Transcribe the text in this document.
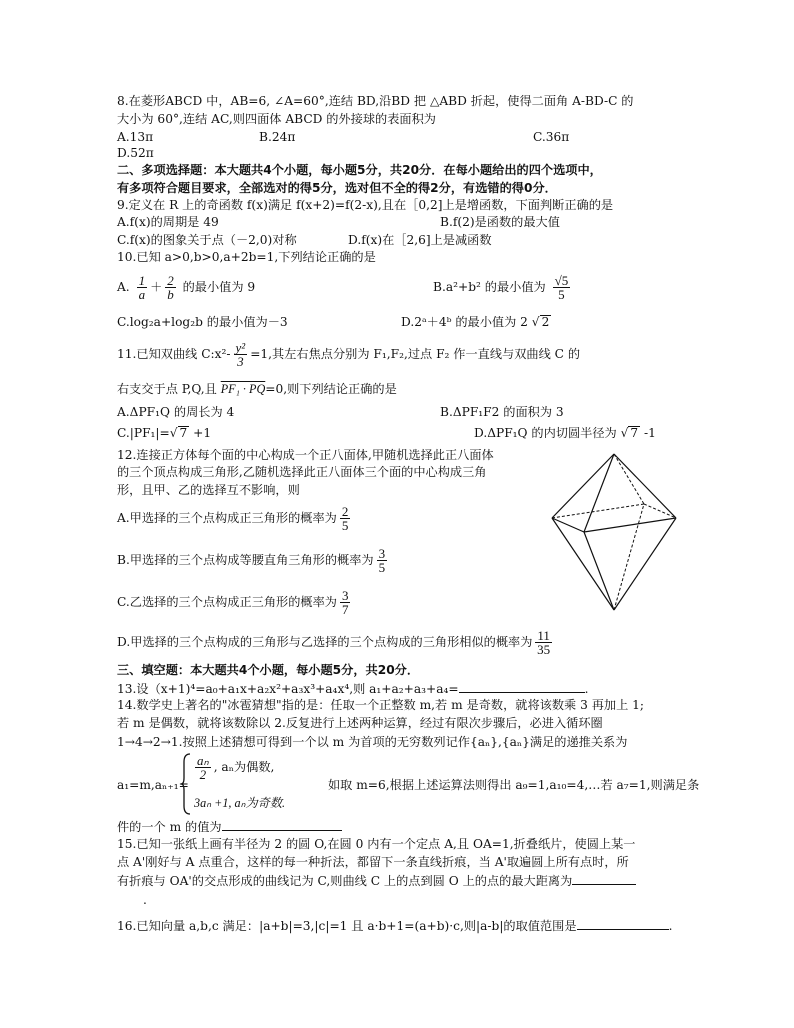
8.在菱形ABCD 中，AB=6, ∠A=60°,连结 BD,沿BD 把 △ABD 折起，使得二面角 A-BD-C 的
大小为 60°,连结 AC,则四面体 ABCD 的外接球的表面积为
A.13π	B.24π	C.36π
D.52π
二、多项选择题：本大题共4个小题，每小题5分，共20分．在每小题给出的四个选项中，
有多项符合题目要求，全部选对的得5分，选对但不全的得2分，有选错的得0分．
9.定义在 R 上的奇函数 f(x)满足 f(x+2)=f(2-x),且在［0,2]上是增函数，下面判断正确的是
A.f(x)的周期是 49	B.f(2)是函数的最大值
C.f(x)的图象关于点（－2,0)对称	D.f(x)在［2,6]上是减函数
10.已知 a>0,b>0,a+2b=1,下列结论正确的是
A. $\frac{1}{a} + \frac{2}{b}$ 的最小值为 9	B.a²+b² 的最小值为 $\frac{√5}{5}$
C.log₂a+log₂b 的最小值为－3	D.2ᵃ＋4ᵇ 的最小值为 2 √ 2
11.已知双曲线 C:x²- $\frac{\text{y²}}{3} =1$,其左右焦点分别为 F₁,F₂,过点 F₂ 作一直线与双曲线 C 的
右支交于点 P,Q,且 PF₁ · PQ=0,则下列结论正确的是
A.ΔPF₁Q 的周长为 4	B.ΔPF₁F2 的面积为 3
C.|PF₁|=√ 7 +1	D.ΔPF₁Q 的内切圆半径为 √ 7 -1
12.连接正方体每个面的中心构成一个正八面体,甲随机选择此正八面体
的三个顶点构成三角形,乙随机选择此正八面体三个面的中心构成三角
形，且甲、乙的选择互不影响，则
A.甲选择的三个点构成正三角形的概率为 $\frac{2}{5}$
B.甲选择的三个点构成等腰直角三角形的概率为 $\frac{3}{5}$
C.乙选择的三个点构成正三角形的概率为 $\frac{3}{7}$
D.甲选择的三个点构成的三角形与乙选择的三个点构成的三角形相似的概率为 $\frac{11}{35}$
三、填空题：本大题共4个小题，每小题5分，共20分．
13.设（x+1)⁴=a₀+a₁x+a₂x²+a₃x³+a₄x⁴,则 a₁+a₂+a₃+a₄=	.
14.数学史上著名的"冰雹猜想"指的是：任取一个正整数 m,若 m 是奇数，就将该数乘 3 再加上 1;
若 m 是偶数，就将该数除以 2.反复进行上述两种运算，经过有限次步骤后，必进入循环圈
1→4→2→1.按照上述猜想可得到一个以 m 为首项的无穷数列记作{aₙ},{aₙ}满足的递推关系为
a₁=m,aₙ₊₁=
$\frac{\text{aₙ}}{2}$ , aₙ为偶数,
3aₙ +1, aₙ为奇数.
如取 m=6,根据上述运算法则得出 a₉=1,a₁₀=4,…若 a₇=1,则满足条
件的一个 m 的值为
15.已知一张纸上画有半径为 2 的圆 O,在圆 0 内有一个定点 A,且 OA=1,折叠纸片，使圆上某一
点 A'刚好与 A 点重合，这样的每一种折法，都留下一条直线折痕，当 A'取遍圆上所有点时，所
有折痕与 OA'的交点形成的曲线记为 C,则曲线 C 上的点到圆 O 上的点的最大距离为
.
16.已知向量 a,b,c 满足：|a+b|=3,|c|=1 且 a·b+1=(a+b)·c,则|a-b|的取值范围是	.
